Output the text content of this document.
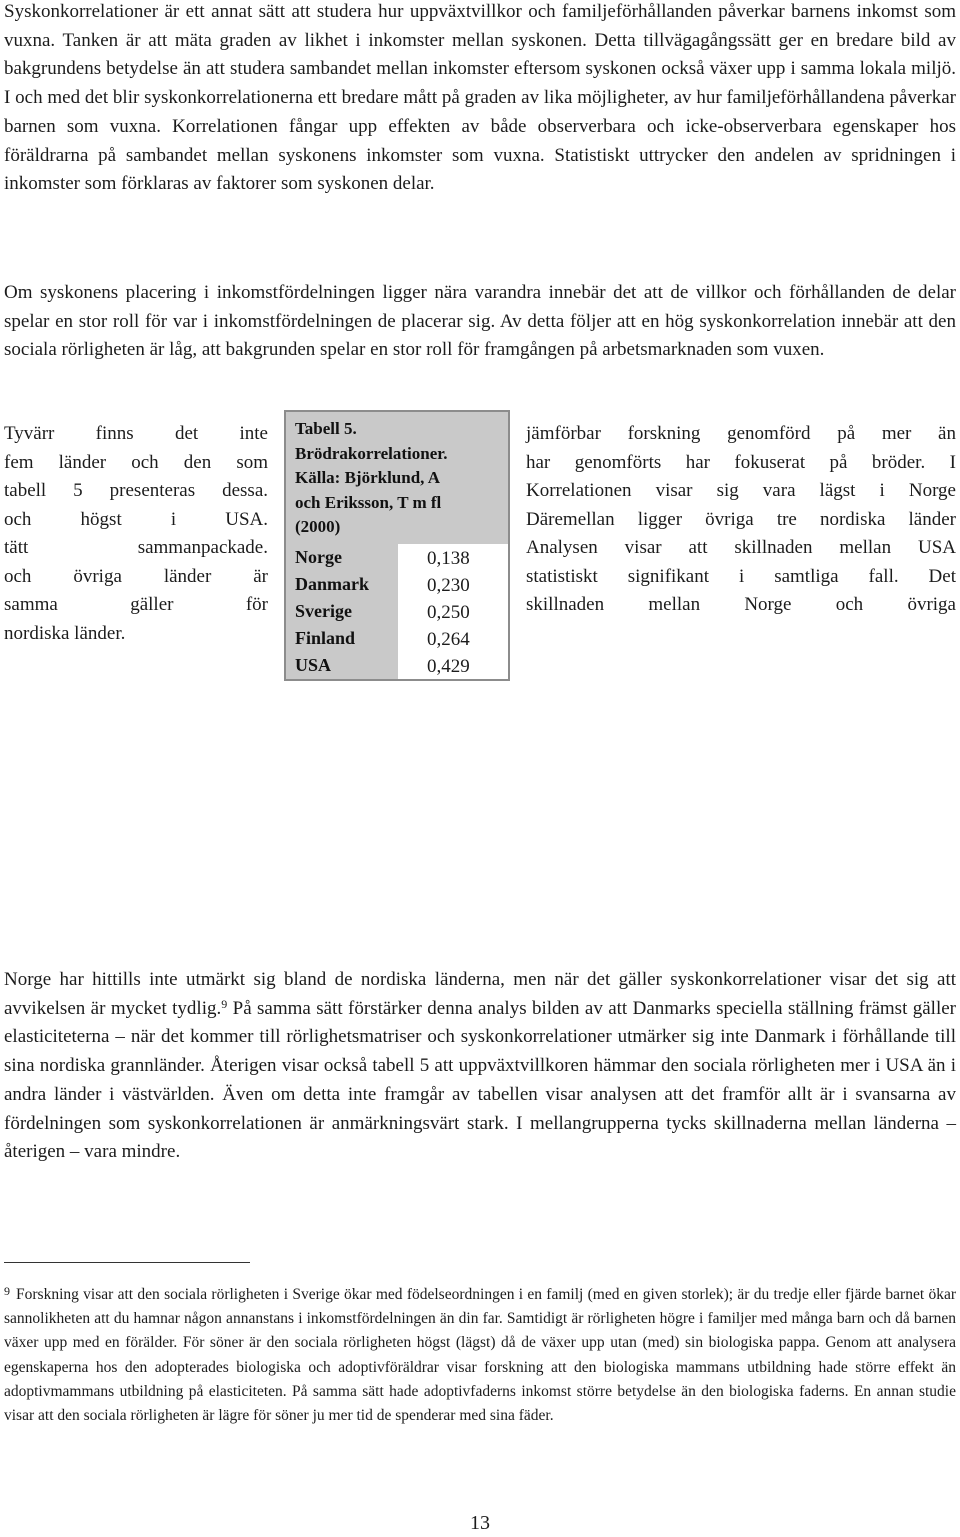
Syskonkorrelationer är ett annat sätt att studera hur uppväxtvillkor och familjeförhållanden påverkar barnens inkomst som vuxna. Tanken är att mäta graden av likhet i inkomster mellan syskonen. Detta tillvägagångssätt ger en bredare bild av bakgrundens betydelse än att studera sambandet mellan inkomster eftersom syskonen också växer upp i samma lokala miljö. I och med det blir syskonkorrelationerna ett bredare mått på graden av lika möjligheter, av hur familjeförhållandena påverkar barnen som vuxna. Korrelationen fångar upp effekten av både observerbara och icke-observerbara egenskaper hos föräldrarna på sambandet mellan syskonens inkomster som vuxna. Statistiskt uttrycker den andelen av spridningen i inkomster som förklaras av faktorer som syskonen delar.

Om syskonens placering i inkomstfördelningen ligger nära varandra innebär det att de villkor och förhållanden de delar spelar en stor roll för var i inkomstfördelningen de placerar sig. Av detta följer att en hög syskonkorrelation innebär att den sociala rörligheten är låg, att bakgrunden spelar en stor roll för framgången på arbetsmarknaden som vuxen.

Tyvärr finns det inte
fem länder och den som
tabell 5 presenteras dessa.
och högst i USA.
tätt sammanpackade.
och övriga länder är
samma gäller för
nordiska länder.

Tabell 5.
Brödrakorrelationer.
Källa: Björklund, A
och Eriksson, T m fl
(2000)
Norge	0,138
Danmark	0,230
Sverige	0,250
Finland	0,264
USA	0,429

jämförbar forskning genomförd på mer än
har genomförts har fokuserat på bröder. I
Korrelationen visar sig vara lägst i Norge
Däremellan ligger övriga tre nordiska länder
Analysen visar att skillnaden mellan USA
statistiskt signifikant i samtliga fall. Det
skillnaden mellan Norge och övriga

Norge har hittills inte utmärkt sig bland de nordiska länderna, men när det gäller syskonkorrelationer visar det sig att avvikelsen är mycket tydlig.$^9$ På samma sätt förstärker denna analys bilden av att Danmarks speciella ställning främst gäller elasticiteterna – när det kommer till rörlighetsmatriser och syskonkorrelationer utmärker sig inte Danmark i förhållande till sina nordiska grannländer. Återigen visar också tabell 5 att uppväxtvillkoren hämmar den sociala rörligheten mer i USA än i andra länder i västvärlden. Även om detta inte framgår av tabellen visar analysen att det framför allt är i svansarna av fördelningen som syskonkorrelationen är anmärkningsvärt stark. I mellangrupperna tycks skillnaderna mellan länderna – återigen – vara mindre.

$^9$ Forskning visar att den sociala rörligheten i Sverige ökar med födelseordningen i en familj (med en given storlek); är du tredje eller fjärde barnet ökar sannolikheten att du hamnar någon annanstans i inkomstfördelningen än din far. Samtidigt är rörligheten högre i familjer med många barn och då barnen växer upp med en förälder. För söner är den sociala rörligheten högst (lägst) då de växer upp utan (med) sin biologiska pappa. Genom att analysera egenskaperna hos den adopterades biologiska och adoptivföräldrar visar forskning att den biologiska mammans utbildning hade större effekt än adoptivmammans utbildning på elasticiteten. På samma sätt hade adoptivfaderns inkomst större betydelse än den biologiska faderns. En annan studie visar att den sociala rörligheten är lägre för söner ju mer tid de spenderar med sina fäder.

13
